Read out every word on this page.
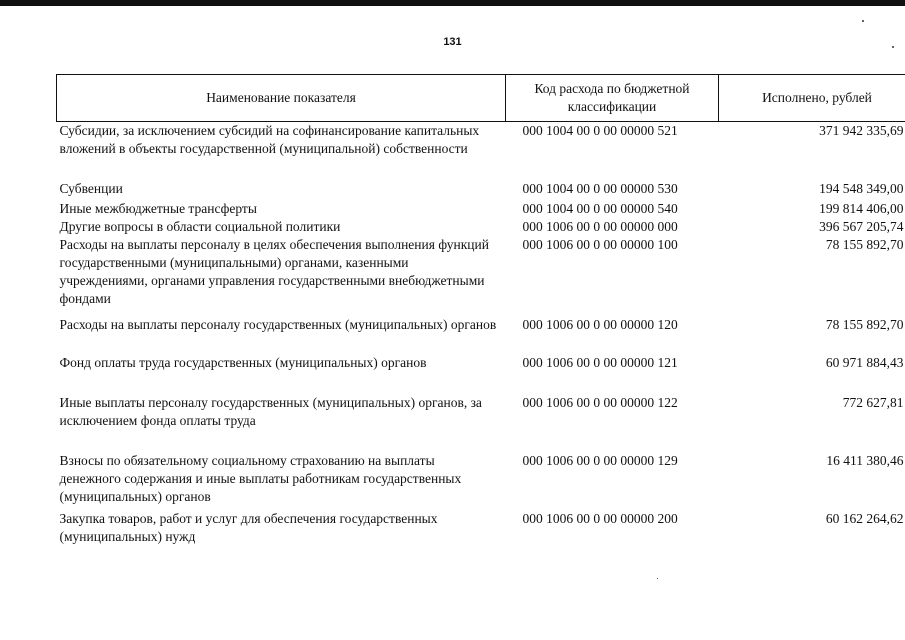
131
Наименование показателя	Код расхода по бюджетной классификации	Исполнено, рублей
Субсидии, за исключением субсидий на софинансирование капитальных вложений в объекты государственной (муниципальной) собственности	000 1004 00 0 00 00000 521	371 942 335,69
Субвенции	000 1004 00 0 00 00000 530	194 548 349,00
Иные межбюджетные трансферты	000 1004 00 0 00 00000 540	199 814 406,00
Другие вопросы в области социальной политики	000 1006 00 0 00 00000 000	396 567 205,74
Расходы на выплаты персоналу в целях обеспечения выполнения функций государственными (муниципальными) органами, казенными учреждениями, органами управления государственными внебюджетными фондами	000 1006 00 0 00 00000 100	78 155 892,70
Расходы на выплаты персоналу государственных (муниципальных) органов	000 1006 00 0 00 00000 120	78 155 892,70
Фонд оплаты труда государственных (муниципальных) органов	000 1006 00 0 00 00000 121	60 971 884,43
Иные выплаты персоналу государственных (муниципальных) органов, за исключением фонда оплаты труда	000 1006 00 0 00 00000 122	772 627,81
Взносы по обязательному социальному страхованию на выплаты денежного содержания и иные выплаты работникам государственных (муниципальных) органов	000 1006 00 0 00 00000 129	16 411 380,46
Закупка товаров, работ и услуг для обеспечения государственных (муниципальных) нужд	000 1006 00 0 00 00000 200	60 162 264,62
